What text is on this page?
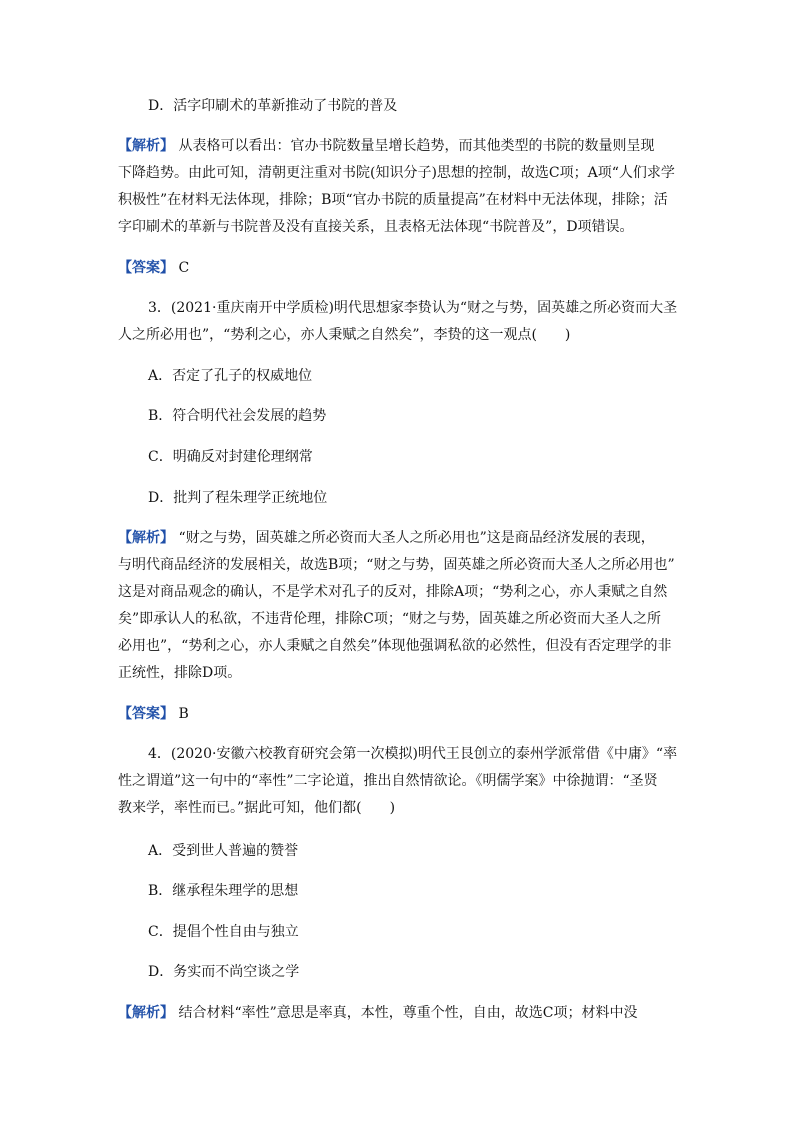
D．活字印刷术的革新推动了书院的普及
【解析】 从表格可以看出：官办书院数量呈增长趋势，而其他类型的书院的数量则呈现
下降趋势。由此可知，清朝更注重对书院(知识分子)思想的控制，故选C项；A项“人们求学
积极性”在材料无法体现，排除；B项“官办书院的质量提高”在材料中无法体现，排除；活
字印刷术的革新与书院普及没有直接关系，且表格无法体现“书院普及”，D项错误。
【答案】 C
3．(2021·重庆南开中学质检)明代思想家李贽认为“财之与势，固英雄之所必资而大圣
人之所必用也”，“势利之心，亦人秉赋之自然矣”，李贽的这一观点(　　)
A．否定了孔子的权威地位
B．符合明代社会发展的趋势
C．明确反对封建伦理纲常
D．批判了程朱理学正统地位
【解析】 “财之与势，固英雄之所必资而大圣人之所必用也”这是商品经济发展的表现，
与明代商品经济的发展相关，故选B项；“财之与势，固英雄之所必资而大圣人之所必用也”
这是对商品观念的确认，不是学术对孔子的反对，排除A项；“势利之心，亦人秉赋之自然
矣”即承认人的私欲，不违背伦理，排除C项；“财之与势，固英雄之所必资而大圣人之所
必用也”，“势利之心，亦人秉赋之自然矣”体现他强调私欲的必然性，但没有否定理学的非
正统性，排除D项。
【答案】 B
4．(2020·安徽六校教育研究会第一次模拟)明代王艮创立的泰州学派常借《中庸》“率
性之谓道”这一句中的“率性”二字论道，推出自然情欲论。《明儒学案》中徐抛谓：“圣贤
教来学，率性而已。”据此可知，他们都(　　)
A．受到世人普遍的赞誉
B．继承程朱理学的思想
C．提倡个性自由与独立
D．务实而不尚空谈之学
【解析】 结合材料“率性”意思是率真，本性，尊重个性，自由，故选C项；材料中没
